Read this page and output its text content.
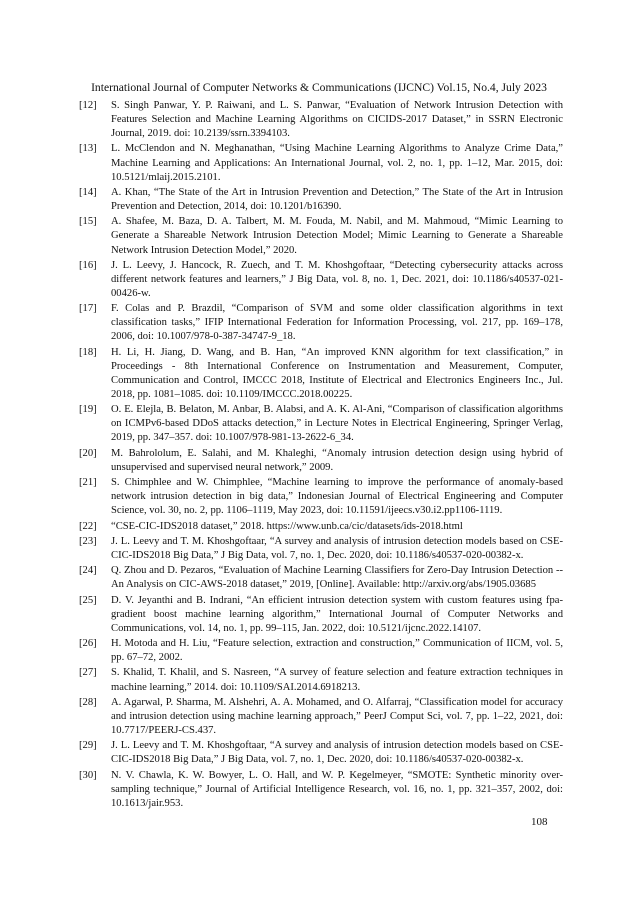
International Journal of Computer Networks & Communications (IJCNC) Vol.15, No.4, July 2023
[12] S. Singh Panwar, Y. P. Raiwani, and L. S. Panwar, “Evaluation of Network Intrusion Detection with Features Selection and Machine Learning Algorithms on CICIDS-2017 Dataset,” in SSRN Electronic Journal, 2019. doi: 10.2139/ssrn.3394103.
[13] L. McClendon and N. Meghanathan, “Using Machine Learning Algorithms to Analyze Crime Data,” Machine Learning and Applications: An International Journal, vol. 2, no. 1, pp. 1–12, Mar. 2015, doi: 10.5121/mlaij.2015.2101.
[14] A. Khan, “The State of the Art in Intrusion Prevention and Detection,” The State of the Art in Intrusion Prevention and Detection, 2014, doi: 10.1201/b16390.
[15] A. Shafee, M. Baza, D. A. Talbert, M. M. Fouda, M. Nabil, and M. Mahmoud, “Mimic Learning to Generate a Shareable Network Intrusion Detection Model; Mimic Learning to Generate a Shareable Network Intrusion Detection Model,” 2020.
[16] J. L. Leevy, J. Hancock, R. Zuech, and T. M. Khoshgoftaar, “Detecting cybersecurity attacks across different network features and learners,” J Big Data, vol. 8, no. 1, Dec. 2021, doi: 10.1186/s40537-021-00426-w.
[17] F. Colas and P. Brazdil, “Comparison of SVM and some older classification algorithms in text classification tasks,” IFIP International Federation for Information Processing, vol. 217, pp. 169–178, 2006, doi: 10.1007/978-0-387-34747-9_18.
[18] H. Li, H. Jiang, D. Wang, and B. Han, “An improved KNN algorithm for text classification,” in Proceedings - 8th International Conference on Instrumentation and Measurement, Computer, Communication and Control, IMCCC 2018, Institute of Electrical and Electronics Engineers Inc., Jul. 2018, pp. 1081–1085. doi: 10.1109/IMCCC.2018.00225.
[19] O. E. Elejla, B. Belaton, M. Anbar, B. Alabsi, and A. K. Al-Ani, “Comparison of classification algorithms on ICMPv6-based DDoS attacks detection,” in Lecture Notes in Electrical Engineering, Springer Verlag, 2019, pp. 347–357. doi: 10.1007/978-981-13-2622-6_34.
[20] M. Bahrololum, E. Salahi, and M. Khaleghi, “Anomaly intrusion detection design using hybrid of unsupervised and supervised neural network,” 2009.
[21] S. Chimphlee and W. Chimphlee, “Machine learning to improve the performance of anomaly-based network intrusion detection in big data,” Indonesian Journal of Electrical Engineering and Computer Science, vol. 30, no. 2, pp. 1106–1119, May 2023, doi: 10.11591/ijeecs.v30.i2.pp1106-1119.
[22] “CSE-CIC-IDS2018 dataset,” 2018. https://www.unb.ca/cic/datasets/ids-2018.html
[23] J. L. Leevy and T. M. Khoshgoftaar, “A survey and analysis of intrusion detection models based on CSE-CIC-IDS2018 Big Data,” J Big Data, vol. 7, no. 1, Dec. 2020, doi: 10.1186/s40537-020-00382-x.
[24] Q. Zhou and D. Pezaros, “Evaluation of Machine Learning Classifiers for Zero-Day Intrusion Detection -- An Analysis on CIC-AWS-2018 dataset,” 2019, [Online]. Available: http://arxiv.org/abs/1905.03685
[25] D. V. Jeyanthi and B. Indrani, “An efficient intrusion detection system with custom features using fpa-gradient boost machine learning algorithm,” International Journal of Computer Networks and Communications, vol. 14, no. 1, pp. 99–115, Jan. 2022, doi: 10.5121/ijcnc.2022.14107.
[26] H. Motoda and H. Liu, “Feature selection, extraction and construction,” Communication of IICM, vol. 5, pp. 67–72, 2002.
[27] S. Khalid, T. Khalil, and S. Nasreen, “A survey of feature selection and feature extraction techniques in machine learning,” 2014. doi: 10.1109/SAI.2014.6918213.
[28] A. Agarwal, P. Sharma, M. Alshehri, A. A. Mohamed, and O. Alfarraj, “Classification model for accuracy and intrusion detection using machine learning approach,” PeerJ Comput Sci, vol. 7, pp. 1–22, 2021, doi: 10.7717/PEERJ-CS.437.
[29] J. L. Leevy and T. M. Khoshgoftaar, “A survey and analysis of intrusion detection models based on CSE-CIC-IDS2018 Big Data,” J Big Data, vol. 7, no. 1, Dec. 2020, doi: 10.1186/s40537-020-00382-x.
[30] N. V. Chawla, K. W. Bowyer, L. O. Hall, and W. P. Kegelmeyer, “SMOTE: Synthetic minority over-sampling technique,” Journal of Artificial Intelligence Research, vol. 16, no. 1, pp. 321–357, 2002, doi: 10.1613/jair.953.
108
